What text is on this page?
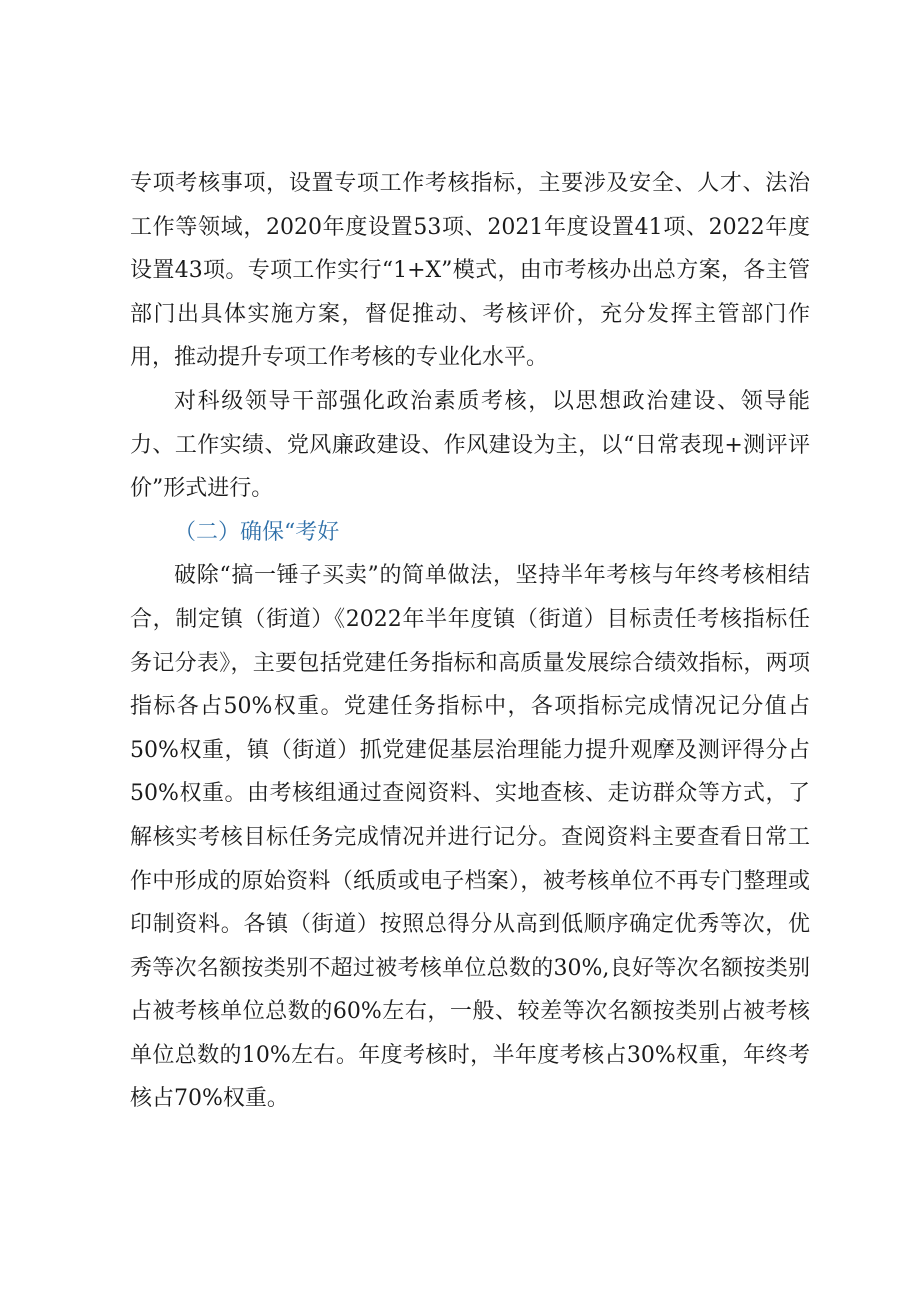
专项考核事项，设置专项工作考核指标，主要涉及安全、人才、法治工作等领域，2020年度设置53项、2021年度设置41项、2022年度设置43项。专项工作实行“1+X”模式，由市考核办出总方案，各主管部门出具体实施方案，督促推动、考核评价，充分发挥主管部门作用，推动提升专项工作考核的专业化水平。

对科级领导干部强化政治素质考核，以思想政治建设、领导能力、工作实绩、党风廉政建设、作风建设为主，以“日常表现+测评评价”形式进行。

（二）确保“考好

破除“搞一锤子买卖”的简单做法，坚持半年考核与年终考核相结合，制定镇（街道）《2022年半年度镇（街道）目标责任考核指标任务记分表》，主要包括党建任务指标和高质量发展综合绩效指标，两项指标各占50%权重。党建任务指标中，各项指标完成情况记分值占50%权重，镇（街道）抓党建促基层治理能力提升观摩及测评得分占50%权重。由考核组通过查阅资料、实地查核、走访群众等方式，了解核实考核目标任务完成情况并进行记分。查阅资料主要查看日常工作中形成的原始资料（纸质或电子档案），被考核单位不再专门整理或印制资料。各镇（街道）按照总得分从高到低顺序确定优秀等次，优秀等次名额按类别不超过被考核单位总数的30%,良好等次名额按类别占被考核单位总数的60%左右，一般、较差等次名额按类别占被考核单位总数的10%左右。年度考核时，半年度考核占30%权重，年终考核占70%权重。
